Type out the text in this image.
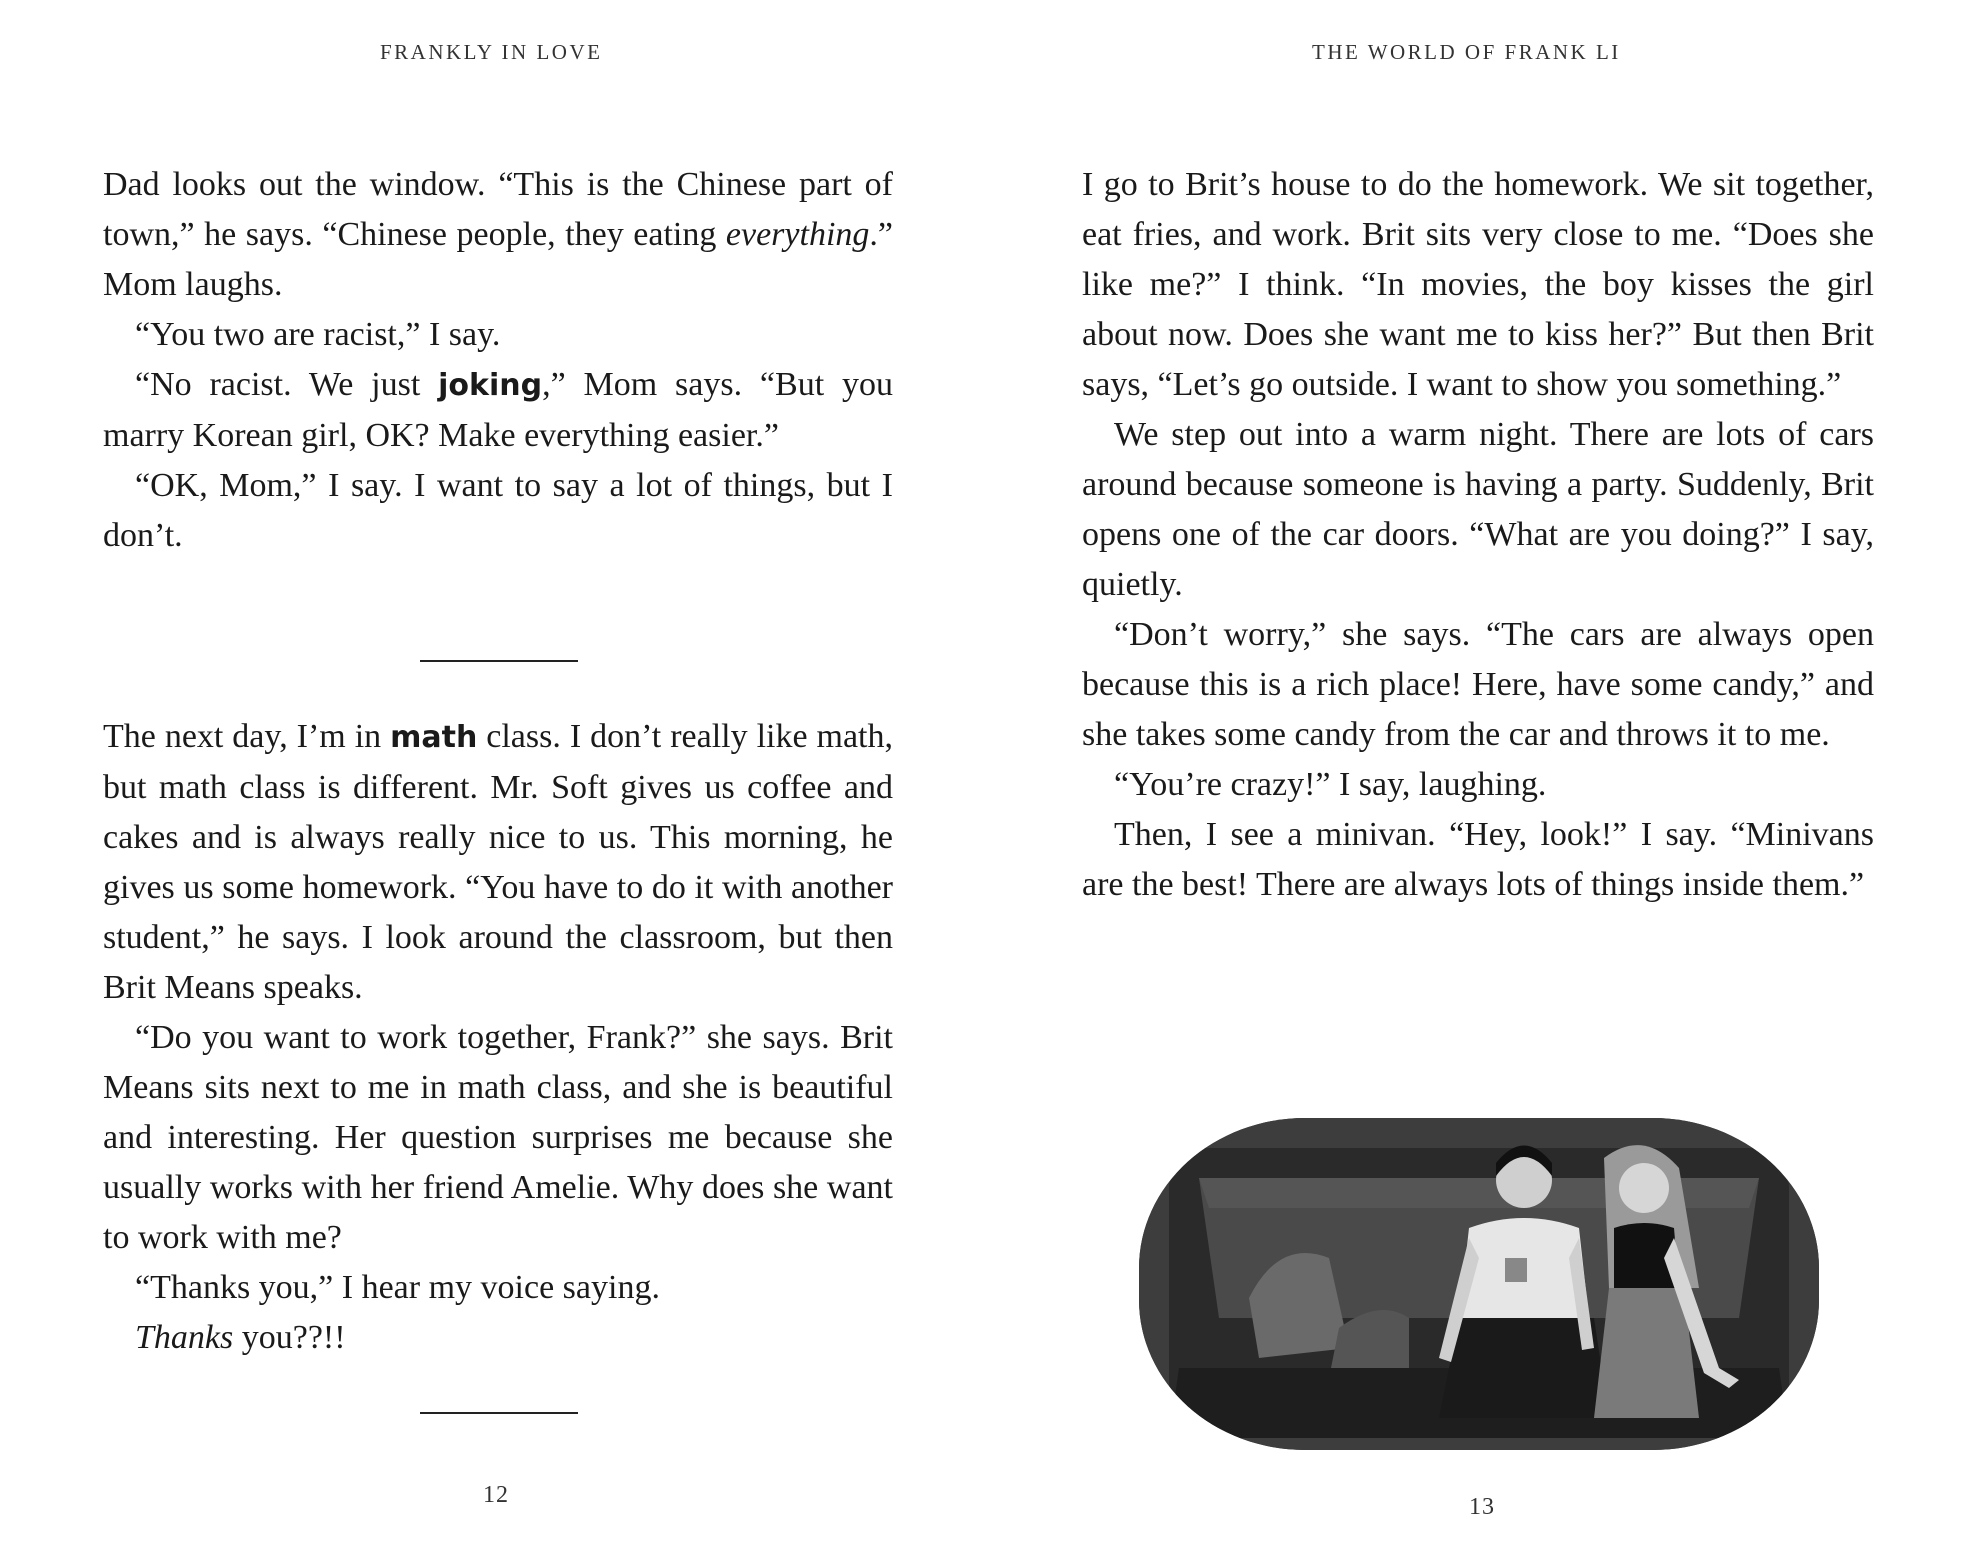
FRANKLY IN LOVE

Dad looks out the window. “This is the Chinese part of town,” he says. “Chinese people, they eating everything.” Mom laughs.

“You two are racist,” I say.

“No racist. We just joking,” Mom says. “But you marry Korean girl, OK? Make everything easier.”

“OK, Mom,” I say. I want to say a lot of things, but I don’t.

The next day, I’m in math class. I don’t really like math, but math class is different. Mr. Soft gives us coffee and cakes and is always really nice to us. This morning, he gives us some homework. “You have to do it with another student,” he says. I look around the classroom, but then Brit Means speaks.

“Do you want to work together, Frank?” she says. Brit Means sits next to me in math class, and she is beautiful and interesting. Her question surprises me because she usually works with her friend Amelie. Why does she want to work with me?

“Thanks you,” I hear my voice saying.

Thanks you??!!

12
THE WORLD OF FRANK LI

I go to Brit’s house to do the homework. We sit together, eat fries, and work. Brit sits very close to me. “Does she like me?” I think. “In movies, the boy kisses the girl about now. Does she want me to kiss her?” But then Brit says, “Let’s go outside. I want to show you something.”

We step out into a warm night. There are lots of cars around because someone is having a party. Suddenly, Brit opens one of the car doors. “What are you doing?” I say, quietly.

“Don’t worry,” she says. “The cars are always open because this is a rich place! Here, have some candy,” and she takes some candy from the car and throws it to me.

“You’re crazy!” I say, laughing.

Then, I see a minivan. “Hey, look!” I say. “Minivans are the best! There are always lots of things inside them.”

13
